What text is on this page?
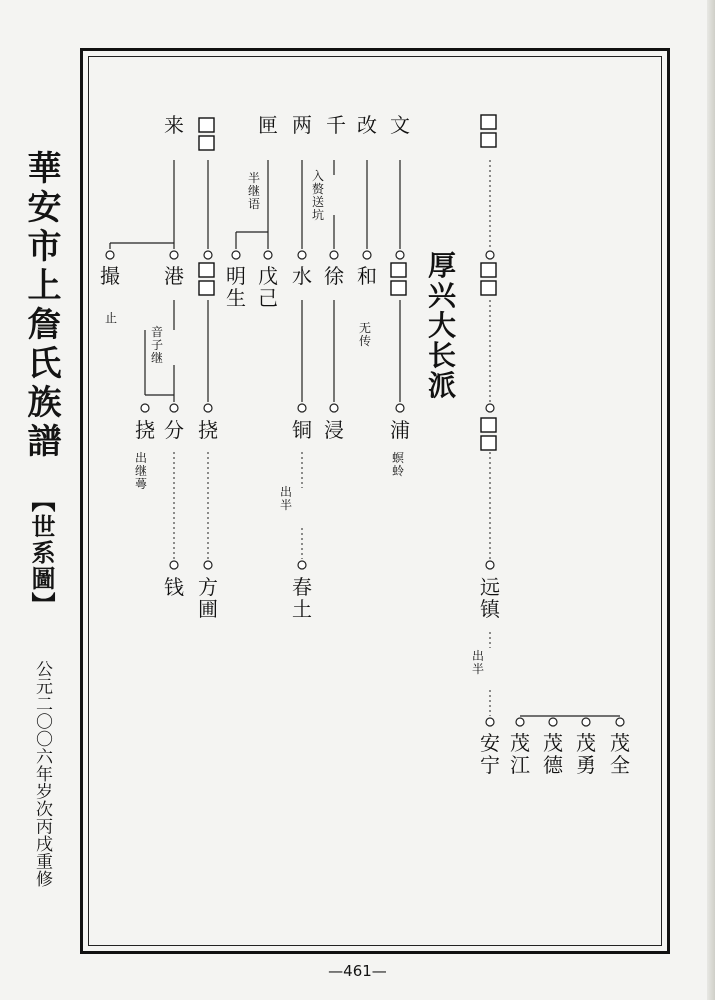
華安市上詹氏族譜
【世系圖】
公元二〇〇六年岁次丙戌重修
文
改
千
两
匣
来
入
赘
送
坑
半
继
语
和
徐
水
戊
己
明
生
港
撮	厚
兴
大
长
派
无
传
止
音
子
继
浦
浸
铜
挠
分
挠
螟
蛉
出
继
蕚
出
半
远
镇
春
土
方
圃
钱
出
半
安
宁
茂
江
茂
德
茂
勇
茂
全
—461—
